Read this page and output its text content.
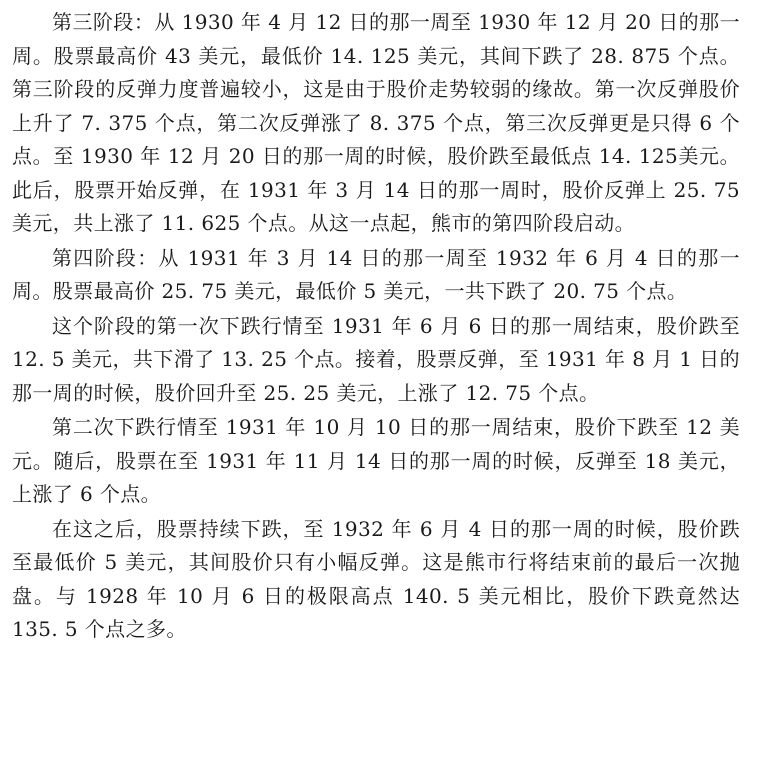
第三阶段：从 1930 年 4 月 12 日的那一周至 1930 年 12 月 20 日的那一周。股票最高价 43 美元，最低价 14. 125 美元，其间下跌了 28. 875 个点。第三阶段的反弹力度普遍较小，这是由于股价走势较弱的缘故。第一次反弹股价上升了 7. 375 个点，第二次反弹涨了 8. 375 个点，第三次反弹更是只得 6 个点。至 1930 年 12 月 20 日的那一周的时候，股价跌至最低点 14. 125美元。此后，股票开始反弹，在 1931 年 3 月 14 日的那一周时，股价反弹上 25. 75 美元，共上涨了 11. 625 个点。从这一点起，熊市的第四阶段启动。

第四阶段：从 1931 年 3 月 14 日的那一周至 1932 年 6 月 4 日的那一周。股票最高价 25. 75 美元，最低价 5 美元，一共下跌了 20. 75 个点。

这个阶段的第一次下跌行情至 1931 年 6 月 6 日的那一周结束，股价跌至 12. 5 美元，共下滑了 13. 25 个点。接着，股票反弹，至 1931 年 8 月 1 日的那一周的时候，股价回升至 25. 25 美元，上涨了 12. 75 个点。

第二次下跌行情至 1931 年 10 月 10 日的那一周结束，股价下跌至 12 美元。随后，股票在至 1931 年 11 月 14 日的那一周的时候，反弹至 18 美元，上涨了 6 个点。

在这之后，股票持续下跌，至 1932 年 6 月 4 日的那一周的时候，股价跌至最低价 5 美元，其间股价只有小幅反弹。这是熊市行将结束前的最后一次抛盘。与 1928 年 10 月 6 日的极限高点 140. 5 美元相比，股价下跌竟然达 135. 5 个点之多。
